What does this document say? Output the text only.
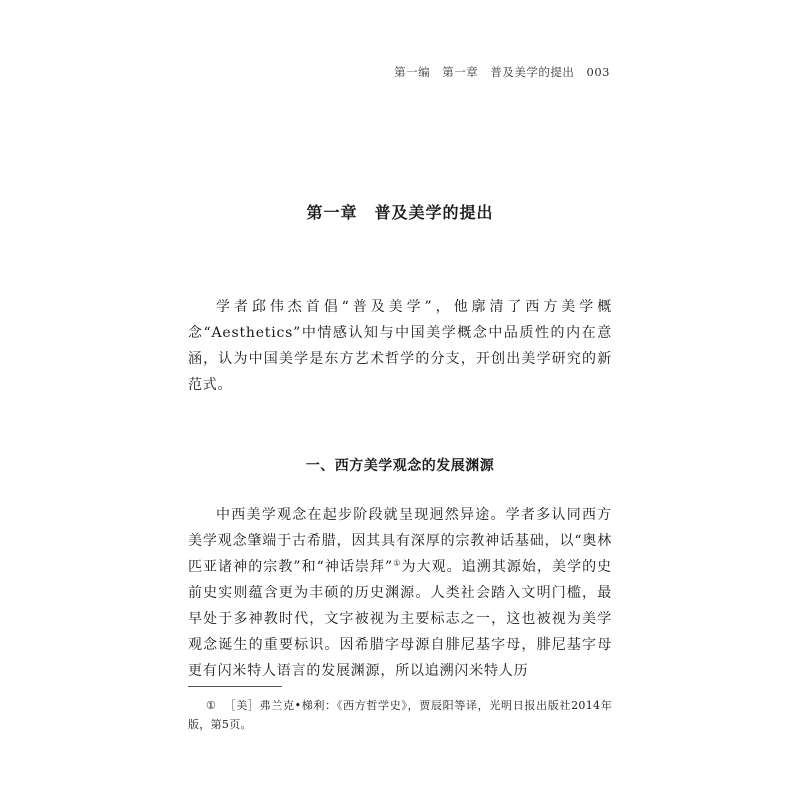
第一编 第一章 普及美学的提出 003
第一章　普及美学的提出

学者邱伟杰首倡“普及美学”，他廓清了西方美学概念“Aesthetics”中情感认知与中国美学概念中品质性的内在意涵，认为中国美学是东方艺术哲学的分支，开创出美学研究的新范式。

一、西方美学观念的发展渊源

中西美学观念在起步阶段就呈现迥然异途。学者多认同西方美学观念肇端于古希腊，因其具有深厚的宗教神话基础，以“奥林匹亚诸神的宗教”和“神话崇拜”①为大观。追溯其源始，美学的史前史实则蕴含更为丰硕的历史渊源。人类社会踏入文明门槛，最早处于多神教时代，文字被视为主要标志之一，这也被视为美学观念诞生的重要标识。因希腊字母源自腓尼基字母，腓尼基字母更有闪米特人语言的发展渊源，所以追溯闪米特人历

① ［美］弗兰克•梯利：《西方哲学史》，贾辰阳等译，光明日报出版社2014年版，第5页。
